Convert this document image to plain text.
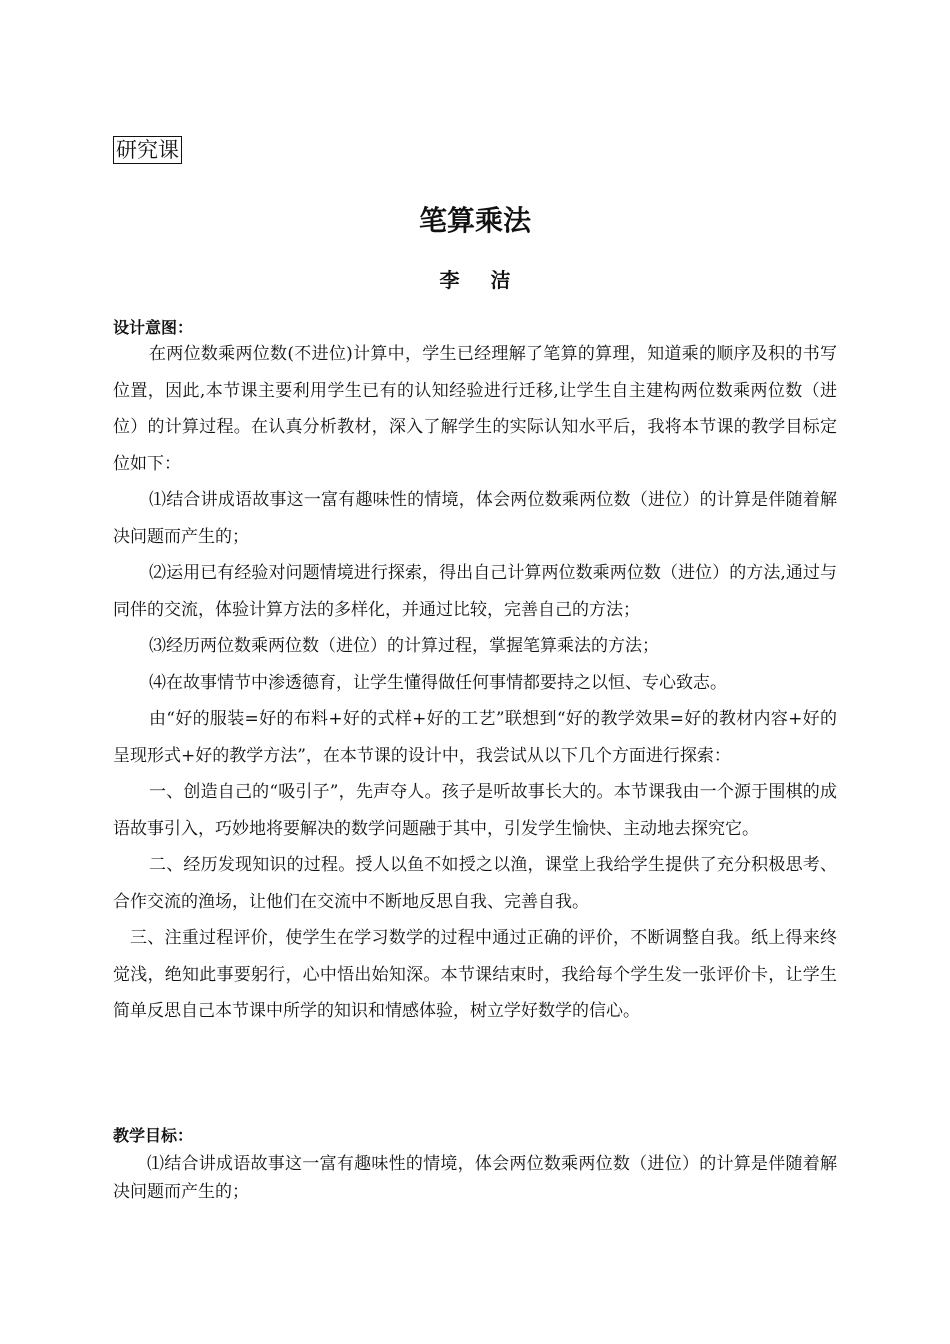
研究课
笔算乘法
李 洁
设计意图：

在两位数乘两位数(不进位)计算中，学生已经理解了笔算的算理，知道乘的顺序及积的书写位置，因此,本节课主要利用学生已有的认知经验进行迁移,让学生自主建构两位数乘两位数（进位）的计算过程。在认真分析教材，深入了解学生的实际认知水平后，我将本节课的教学目标定位如下：

⑴结合讲成语故事这一富有趣味性的情境，体会两位数乘两位数（进位）的计算是伴随着解决问题而产生的；

⑵运用已有经验对问题情境进行探索，得出自己计算两位数乘两位数（进位）的方法,通过与同伴的交流，体验计算方法的多样化，并通过比较，完善自己的方法；

⑶经历两位数乘两位数（进位）的计算过程，掌握笔算乘法的方法；

⑷在故事情节中渗透德育，让学生懂得做任何事情都要持之以恒、专心致志。

由“好的服装=好的布料+好的式样+好的工艺”联想到“好的教学效果=好的教材内容+好的呈现形式+好的教学方法”，在本节课的设计中，我尝试从以下几个方面进行探索：

一、创造自己的“吸引子”，先声夺人。孩子是听故事长大的。本节课我由一个源于围棋的成语故事引入，巧妙地将要解决的数学问题融于其中，引发学生愉快、主动地去探究它。

二、经历发现知识的过程。授人以鱼不如授之以渔，课堂上我给学生提供了充分积极思考、合作交流的渔场，让他们在交流中不断地反思自我、完善自我。

三、注重过程评价，使学生在学习数学的过程中通过正确的评价，不断调整自我。纸上得来终觉浅，绝知此事要躬行，心中悟出始知深。本节课结束时，我给每个学生发一张评价卡，让学生简单反思自己本节课中所学的知识和情感体验，树立学好数学的信心。

教学目标：

⑴结合讲成语故事这一富有趣味性的情境，体会两位数乘两位数（进位）的计算是伴随着解决问题而产生的；
